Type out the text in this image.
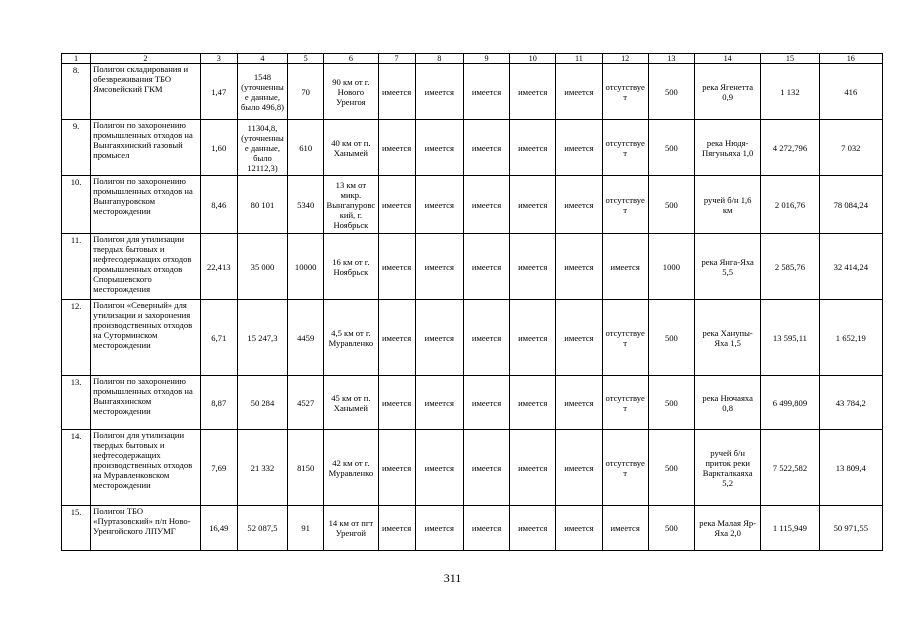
1	2	3	4	5	6	7	8	9	10	11	12	13	14	15	16
8.	Полигон складирования и обезвреживания ТБО Ямсовейский ГКМ	1,47	1548 (уточненные данные, было 496,8)	70	90 км от г. Нового Уренгоя	имеется	имеется	имеется	имеется	имеется	отсутствует	500	река Ягенетта 0,9	1 132	416
9.	Полигон по захоронению промышленных отходов на Вынгаяхинский газовый промысел	1,60	11304,8, (уточненные данные, было 12112,3)	610	40 км от п. Ханымей	имеется	имеется	имеется	имеется	имеется	отсутствует	500	река Нюдя-Пягуньяха 1,0	4 272,796	7 032
10.	Полигон по захоронению промышленных отходов на Вынгапуровском месторождении	8,46	80 101	5340	13 км от микр. Вынгапуровский, г. Ноябрьск	имеется	имеется	имеется	имеется	имеется	отсутствует	500	ручей б/н 1,6 км	2 016,76	78 084,24
11.	Полигон для утилизации твердых бытовых и нефтесодержащих отходов промышленных отходов Спорышевского месторождения	22,413	35 000	10000	16 км от г. Ноябрьск	имеется	имеется	имеется	имеется	имеется	имеется	1000	река Янга-Яха 5,5	2 585,76	32 414,24
12.	Полигон «Северный» для утилизации и захоронения производственных отходов на Суторминском месторождении	6,71	15 247,3	4459	4,5 км от г. Муравленко	имеется	имеется	имеется	имеется	имеется	отсутствует	500	река Ханупы-Яха 1,5	13 595,11	1 652,19
13.	Полигон по захоронению промышленных отходов на Вынгаяхинском месторождении	8,87	50 284	4527	45 км от п. Ханымей	имеется	имеется	имеется	имеется	имеется	отсутствует	500	река Нючаяха 0,8	6 499,809	43 784,2
14.	Полигон для утилизации твердых бытовых и нефтесодержащих производственных отходов на Муравленковском месторождении	7,69	21 332	8150	42 км от г. Муравленко	имеется	имеется	имеется	имеется	имеется	отсутствует	500	ручей б/н приток реки Варкталкаяха 5,2	7 522,582	13 809,4
15.	Полигон ТБО «Пуртазовский» п/п Ново-Уренгойского ЛПУМГ	16,49	52 087,5	91	14 км от пгт Уренгой	имеется	имеется	имеется	имеется	имеется	имеется	500	река Малая Яр-Яха 2,0	1 115,949	50 971,55
311
